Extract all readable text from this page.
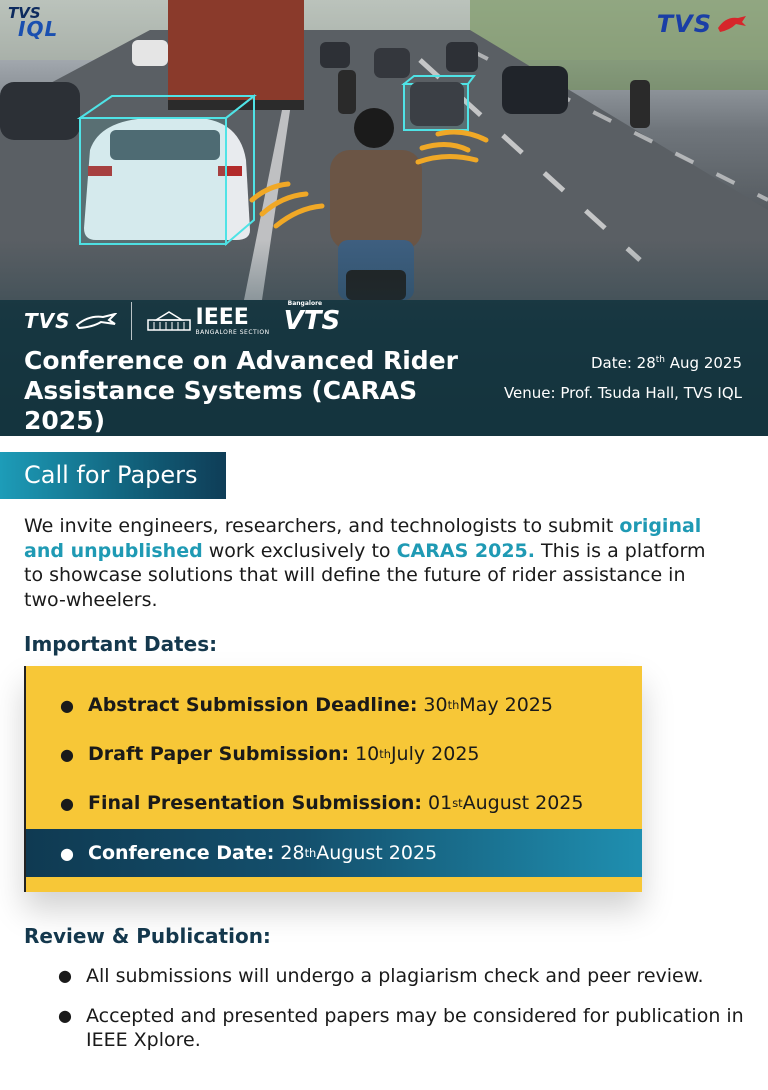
TVS
IQL	TVS
TVS	IEEE
BANGALORE SECTION
Bangalore
VTS
Conference on Advanced Rider Assistance Systems (CARAS 2025)
Date: 28th Aug 2025
Venue: Prof. Tsuda Hall, TVS IQL
Call for Papers
We invite engineers, researchers, and technologists to submit original and unpublished work exclusively to CARAS 2025. This is a platform to showcase solutions that will define the future of rider assistance in two-wheelers.
Important Dates:
● Abstract Submission Deadline: 30 th May 2025
● Draft Paper Submission: 10 th July 2025
● Final Presentation Submission: 01 st August 2025
● Conference Date: 28 th August 2025
Review & Publication:
● All submissions will undergo a plagiarism check and peer review.
● Accepted and presented papers may be considered for publication in IEEE Xplore.
